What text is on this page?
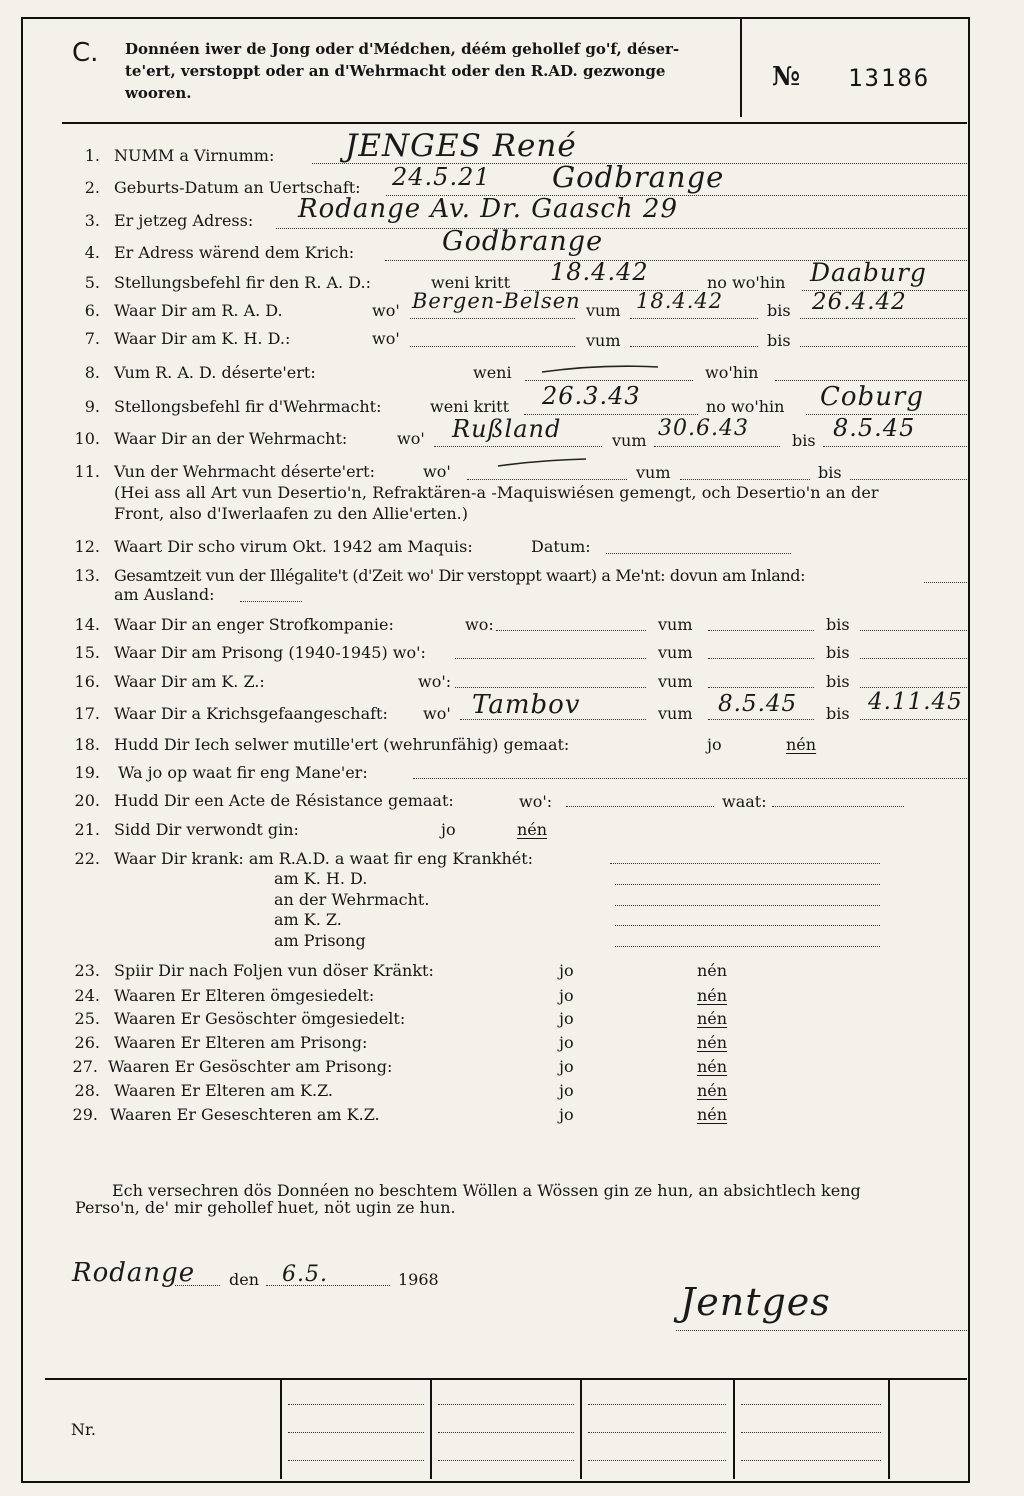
C. Donnéen iwer de Jong oder d'Médchen, déém gehollef go'f, déser-
te'ert, verstoppt oder an d'Wehrmacht oder den R.AD. gezwonge
wooren.
№ 13186
1. NUMM a Virnumm: JENGES René
2. Geburts-Datum an Uertschaft: 24.5.21 Godbrange
3. Er jetzeg Adress: Rodange Av. Dr. Gaasch 29
4. Er Adress wärend dem Krich:	Godbrange
5. Stellungsbefehl fir den R. A. D.:	weni kritt 18.4.42	no wo'hin Daaburg
6. Waar Dir am R. A. D.	wo' Bergen-Belsen vum 18.4.42	bis 26.4.42
7. Waar Dir am K. H. D.:	wo'	vum	bis
8. Vum R. A. D. déserte'ert:	weni	wo'hin
9. Stellongsbefehl fir d'Wehrmacht:	weni kritt 26.3.43	no wo'hin Coburg
10. Waar Dir an der Wehrmacht:	wo' Rußland	vum 30.6.43	bis 8.5.45
11. Vun der Wehrmacht déserte'ert:	wo'	vum	bis
(Hei ass all Art vun Desertio'n, Refraktären-a -Maquiswiésen gemengt, och Desertio'n an der
Front, also d'Iwerlaafen zu den Allie'erten.)
12. Waart Dir scho virum Okt. 1942 am Maquis:	Datum:
13. Gesamtzeit vun der Illégalite't (d'Zeit wo' Dir verstoppt waart) a Me'nt: dovun am Inland:
am Ausland:
14. Waar Dir an enger Strofkompanie:	wo:	vum	bis
15. Waar Dir am Prisong (1940-1945) wo':	vum	bis
16. Waar Dir am K. Z.:	wo':	vum	bis
17. Waar Dir a Krichsgefaangeschaft: wo' Tambov	vum 8.5.45 bis 4.11.45
18. Hudd Dir Iech selwer mutille'ert (wehrunfähig) gemaat:	jo	nén
19. Wa jo op waat fir eng Mane'er:
20. Hudd Dir een Acte de Résistance gemaat:	wo':	waat:
21. Sidd Dir verwondt gin:	jo	nén
22. Waar Dir krank: am R.A.D. a waat fir eng Krankhét:
am K. H. D.
an der Wehrmacht.
am K. Z.
am Prisong
23. Spiir Dir nach Foljen vun döser Kränkt:	jo	nén
24. Waaren Er Elteren ömgesiedelt:	jo	nén
25. Waaren Er Gesöschter ömgesiedelt:	jo	nén
26. Waaren Er Elteren am Prisong:	jo	nén
27. Waaren Er Gesöschter am Prisong:	jo	nén
28. Waaren Er Elteren am K.Z.	jo	nén
29. Waaren Er Geseschteren am K.Z.	jo	nén
Ech versechren dös Donnéen no beschtem Wöllen a Wössen gin ze hun, an absichtlech keng
Perso'n, de' mir gehollef huet, nöt ugin ze hun.
Rodange den 6.5.	1968
Jentges
Nr.
